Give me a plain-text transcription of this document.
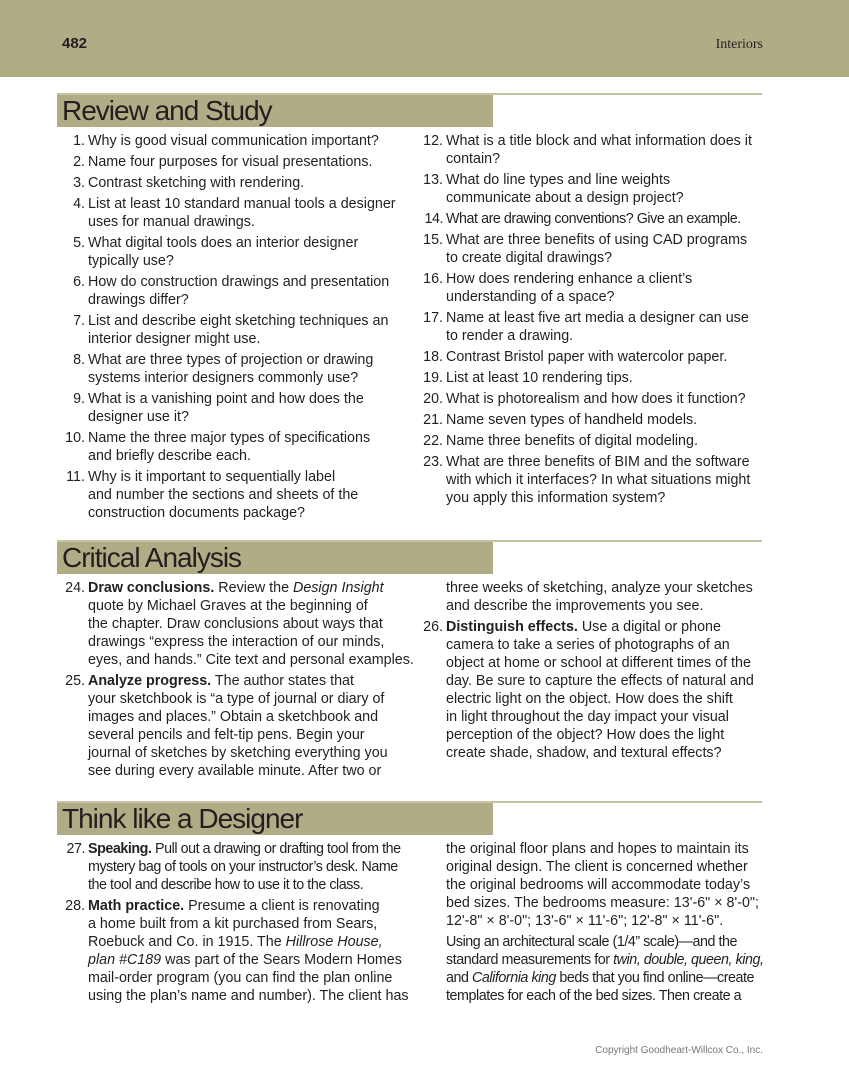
482	Interiors
Review and Study
1. Why is good visual communication important?
2. Name four purposes for visual presentations.
3. Contrast sketching with rendering.
4. List at least 10 standard manual tools a designer
uses for manual drawings.
5. What digital tools does an interior designer
typically use?
6. How do construction drawings and presentation
drawings differ?
7. List and describe eight sketching techniques an
interior designer might use.
8. What are three types of projection or drawing
systems interior designers commonly use?
9. What is a vanishing point and how does the
designer use it?
10. Name the three major types of specifications
and briefly describe each.
11. Why is it important to sequentially label
and number the sections and sheets of the
construction documents package?
12. What is a title block and what information does it
contain?
13. What do line types and line weights
communicate about a design project?
14. What are drawing conventions? Give an example.
15. What are three benefits of using CAD programs
to create digital drawings?
16. How does rendering enhance a client’s
understanding of a space?
17. Name at least five art media a designer can use
to render a drawing.
18. Contrast Bristol paper with watercolor paper.
19. List at least 10 rendering tips.
20. What is photorealism and how does it function?
21. Name seven types of handheld models.
22. Name three benefits of digital modeling.
23. What are three benefits of BIM and the software
with which it interfaces? In what situations might
you apply this information system?
Critical Analysis
24. Draw conclusions. Review the Design Insight
quote by Michael Graves at the beginning of
the chapter. Draw conclusions about ways that
drawings “express the interaction of our minds,
eyes, and hands.” Cite text and personal examples.
25. Analyze progress. The author states that
your sketchbook is “a type of journal or diary of
images and places.” Obtain a sketchbook and
several pencils and felt-tip pens. Begin your
journal of sketches by sketching everything you
see during every available minute. After two or
three weeks of sketching, analyze your sketches
and describe the improvements you see.
26. Distinguish effects. Use a digital or phone
camera to take a series of photographs of an
object at home or school at different times of the
day. Be sure to capture the effects of natural and
electric light on the object. How does the shift
in light throughout the day impact your visual
perception of the object? How does the light
create shade, shadow, and textural effects?
Think like a Designer
27. Speaking. Pull out a drawing or drafting tool from the
mystery bag of tools on your instructor’s desk. Name
the tool and describe how to use it to the class.
28. Math practice. Presume a client is renovating
a home built from a kit purchased from Sears,
Roebuck and Co. in 1915. The Hillrose House,
plan #C189 was part of the Sears Modern Homes
mail-order program (you can find the plan online
using the plan’s name and number). The client has
the original floor plans and hopes to maintain its
original design. The client is concerned whether
the original bedrooms will accommodate today’s
bed sizes. The bedrooms measure: 13'-6" × 8'-0";
12'-8" × 8'-0"; 13'-6" × 11'-6"; 12'-8" × 11'-6".
Using an architectural scale (1/4” scale)—and the
standard measurements for twin, double, queen, king,
and California king beds that you find online—create
templates for each of the bed sizes. Then create a
Copyright Goodheart-Willcox Co., Inc.
